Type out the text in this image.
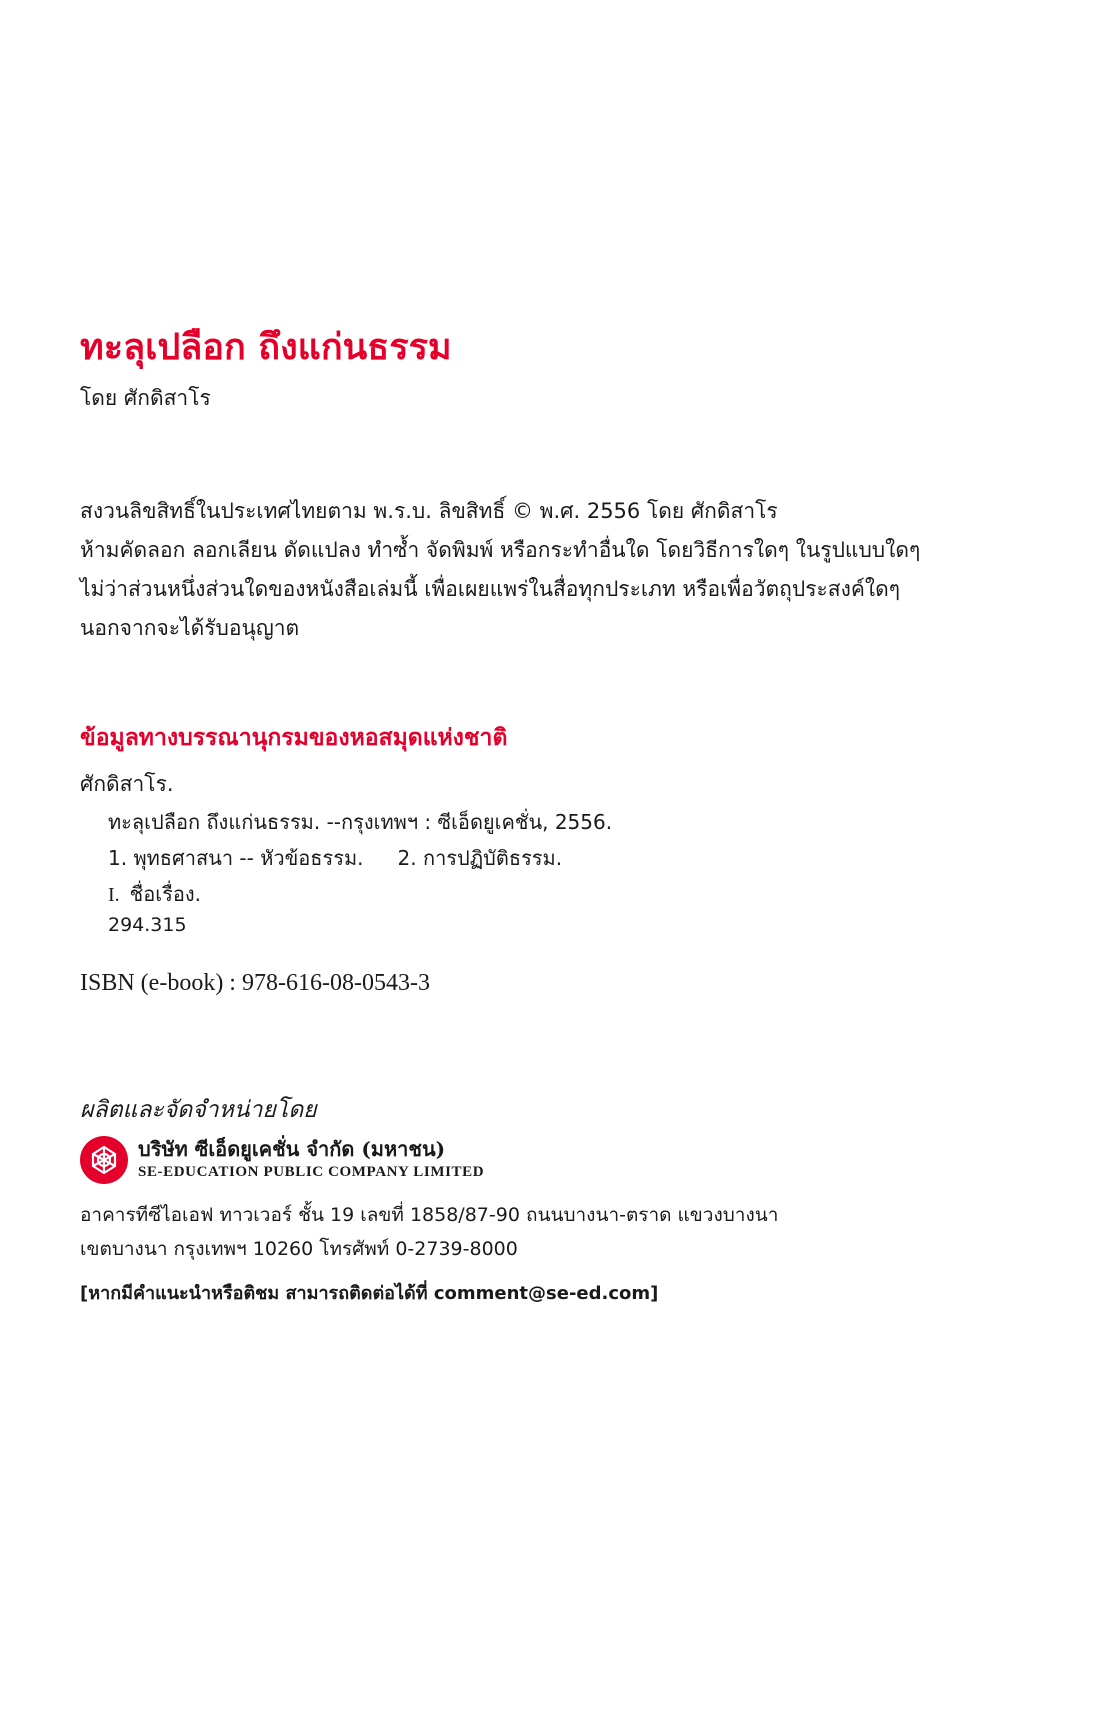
ทะลุเปลือก ถึงแก่นธรรม
โดย ศักดิสาโร
สงวนลิขสิทธิ์ในประเทศไทยตาม พ.ร.บ. ลิขสิทธิ์ © พ.ศ. 2556 โดย ศักดิสาโร
ห้ามคัดลอก ลอกเลียน ดัดแปลง ทำซ้ำ จัดพิมพ์ หรือกระทำอื่นใด โดยวิธีการใดๆ ในรูปแบบใดๆ
ไม่ว่าส่วนหนึ่งส่วนใดของหนังสือเล่มนี้ เพื่อเผยแพร่ในสื่อทุกประเภท หรือเพื่อวัตถุประสงค์ใดๆ
นอกจากจะได้รับอนุญาต
ข้อมูลทางบรรณานุกรมของหอสมุดแห่งชาติ
ศักดิสาโร.
ทะลุเปลือก ถึงแก่นธรรม. --กรุงเทพฯ : ซีเอ็ดยูเคชั่น, 2556.
1. พุทธศาสนา -- หัวข้อธรรม. 2. การปฏิบัติธรรม.
I. ชื่อเรื่อง.
294.315
ISBN (e-book) : 978-616-08-0543-3
ผลิตและจัดจำหน่ายโดย
บริษัท ซีเอ็ดยูเคชั่น จำกัด (มหาชน)
SE-EDUCATION PUBLIC COMPANY LIMITED
อาคารทีซีไอเอฟ ทาวเวอร์ ชั้น 19 เลขที่ 1858/87-90 ถนนบางนา-ตราด แขวงบางนา
เขตบางนา กรุงเทพฯ 10260 โทรศัพท์ 0-2739-8000
[หากมีคำแนะนำหรือติชม สามารถติดต่อได้ที่ comment@se-ed.com]
